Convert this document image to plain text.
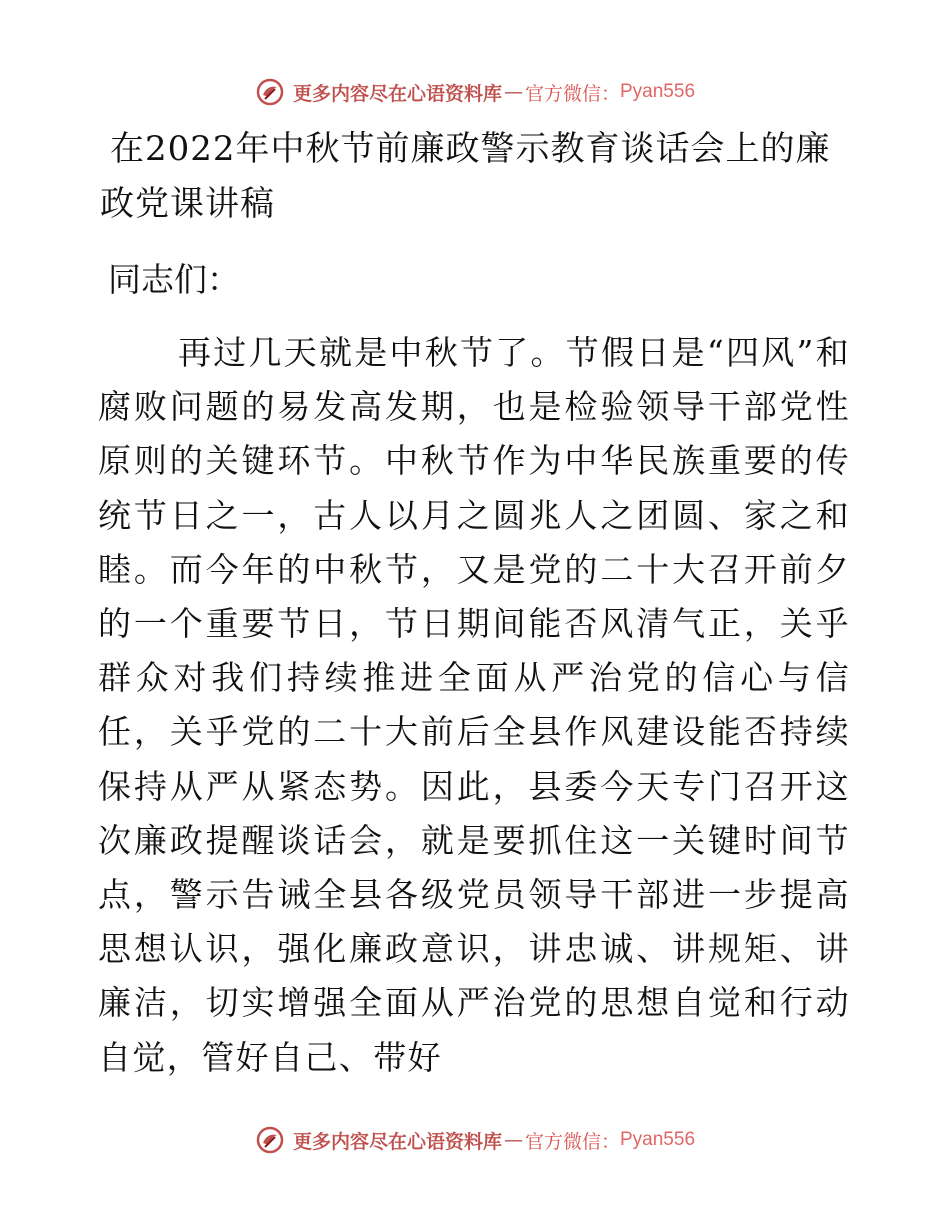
更多内容尽在心语资料库 — 官方微信： Pyan556
在2022年中秋节前廉政警示教育谈话会上的廉政党课讲稿

同志们：

再过几天就是中秋节了。节假日是“四风”和腐败问题的易发高发期，也是检验领导干部党性原则的关键环节。中秋节作为中华民族重要的传统节日之一，古人以月之圆兆人之团圆、家之和睦。而今年的中秋节，又是党的二十大召开前夕的一个重要节日，节日期间能否风清气正，关乎群众对我们持续推进全面从严治党的信心与信任，关乎党的二十大前后全县作风建设能否持续保持从严从紧态势。因此，县委今天专门召开这次廉政提醒谈话会，就是要抓住这一关键时间节点，警示告诫全县各级党员领导干部进一步提高思想认识，强化廉政意识，讲忠诚、讲规矩、讲廉洁，切实增强全面从严治党的思想自觉和行动自觉，管好自己、带好

更多内容尽在心语资料库 — 官方微信： Pyan556
